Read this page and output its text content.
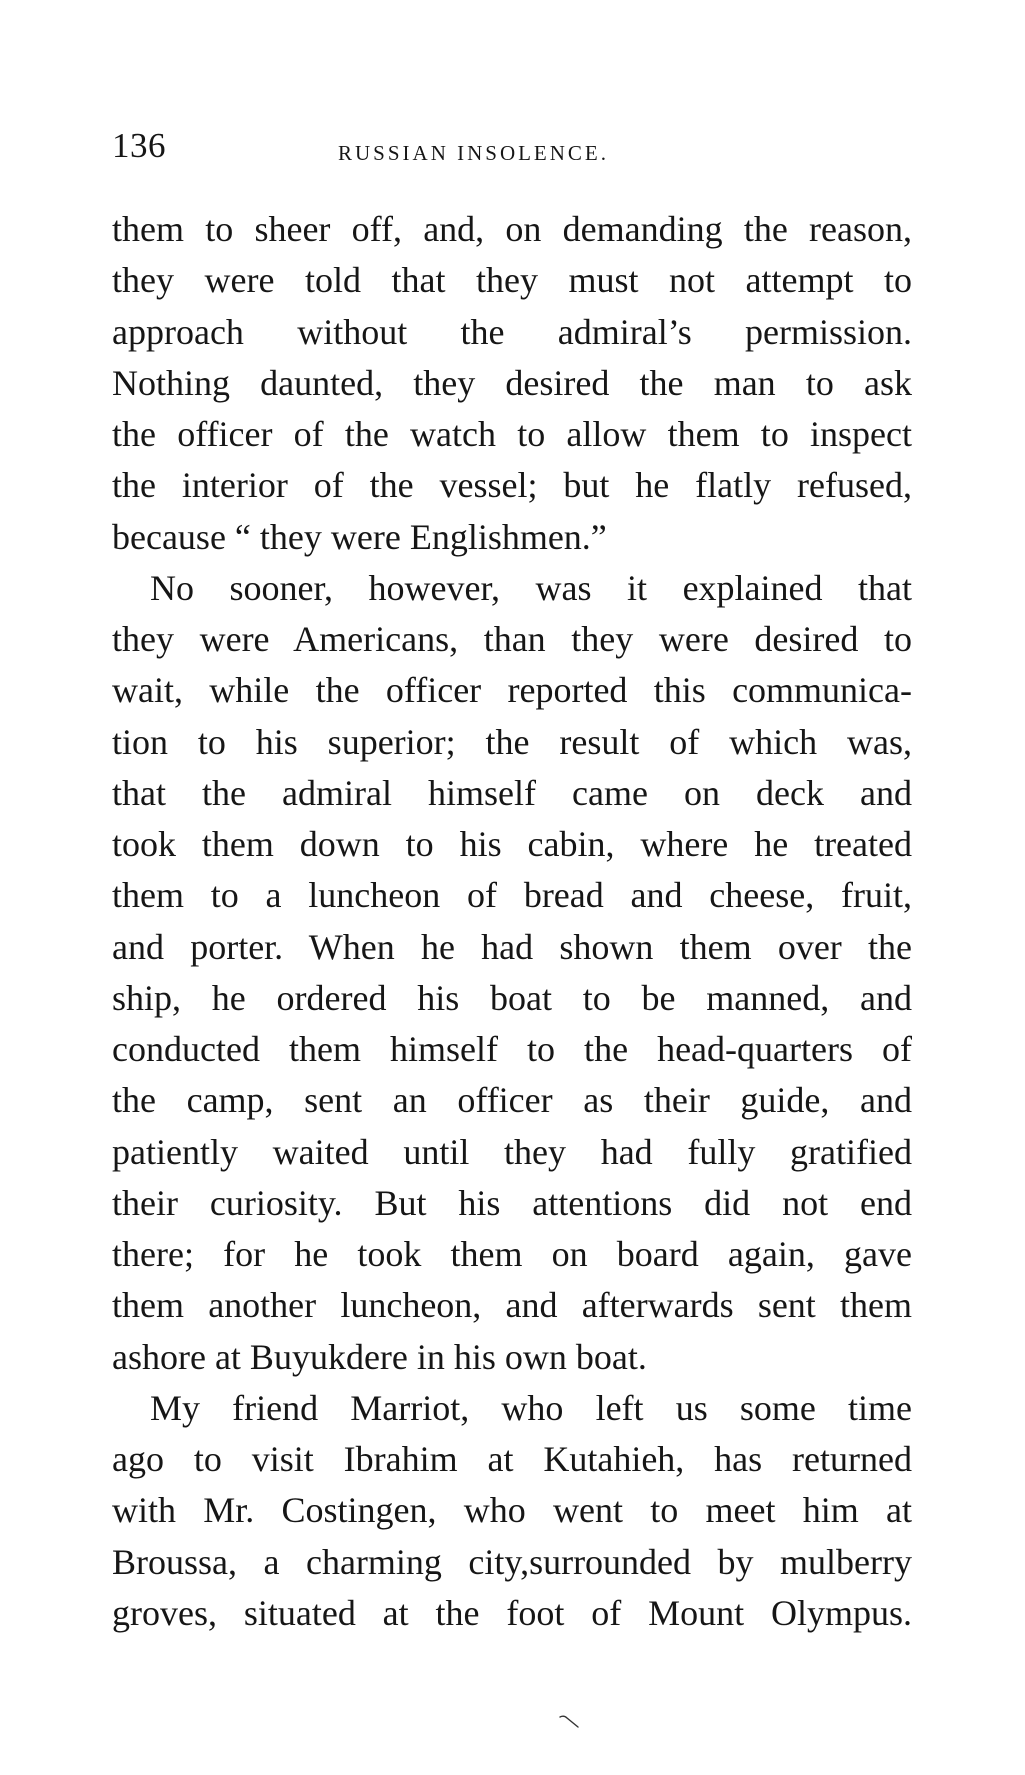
136	RUSSIAN INSOLENCE.
them to sheer off, and, on demanding the reason,
they were told that they must not attempt to
approach without the admiral’s permission.
Nothing daunted, they desired the man to ask
the officer of the watch to allow them to inspect
the interior of the vessel; but he flatly refused,
because “ they were Englishmen.”
No sooner, however, was it explained that
they were Americans, than they were desired to
wait, while the officer reported this communica-
tion to his superior; the result of which was,
that the admiral himself came on deck and
took them down to his cabin, where he treated
them to a luncheon of bread and cheese, fruit,
and porter. When he had shown them over the
ship, he ordered his boat to be manned, and
conducted them himself to the head-quarters of
the camp, sent an officer as their guide, and
patiently waited until they had fully gratified
their curiosity. But his attentions did not end
there; for he took them on board again, gave
them another luncheon, and afterwards sent them
ashore at Buyukdere in his own boat.
My friend Marriot, who left us some time
ago to visit Ibrahim at Kutahieh, has returned
with Mr. Costingen, who went to meet him at
Broussa, a charming city,surrounded by mulberry
groves, situated at the foot of Mount Olympus.
